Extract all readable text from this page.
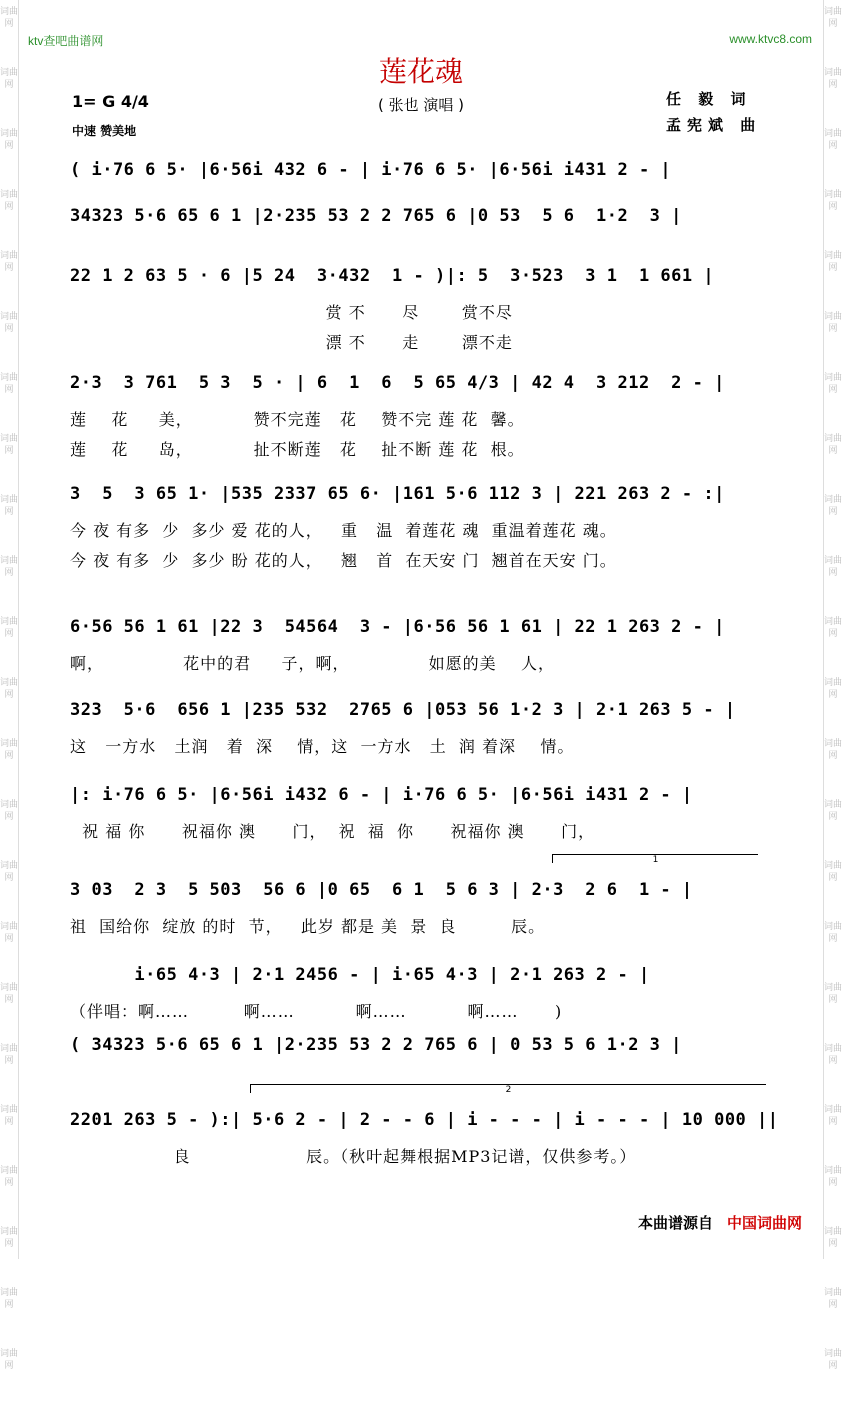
词曲网
词曲网
词曲网
词曲网
词曲网
词曲网
词曲网
词曲网
词曲网
词曲网
词曲网
词曲网
词曲网
词曲网
词曲网
词曲网
词曲网
词曲网
词曲网
词曲网
词曲网
词曲网
词曲网
词曲网
词曲网
词曲网
词曲网
词曲网
词曲网
词曲网
词曲网
词曲网
词曲网
词曲网
词曲网
词曲网
词曲网
词曲网
词曲网
词曲网
词曲网
词曲网
词曲网
词曲网
词曲网
词曲网
ktv查吧曲谱网	www.ktvc8.com
莲花魂
( 张也 演唱 )
1= G 4/4
中速 赞美地
任 毅 词
孟宪斌 曲
( i·76 6 5· |6·56i 432 6 - | i·76 6 5· |6·56i i431 2 - |
34323 5·6 65 6 1 |2·235 53 2 2 765 6 |0 53  5 6  1·2  3 |
22 1 2 63 5 · 6 |5 24  3·432  1 - )|: 5  3·523  3 1  1 661 |
赏 不      尽       赏不尽
漂 不      走       漂不走
2·3  3 761  5 3  5 · | 6  1  6  5 65 4/3 | 42 4  3 212  2 - |
莲    花     美，          赞不完莲   花    赞不完 莲 花  馨。
莲    花     岛，          扯不断莲   花    扯不断 莲 花  根。
3  5  3 65 1· |535 2337 65 6· |161 5·6 112 3 | 221 263 2 - :|
今 夜 有多  少  多少 爱 花的人，   重   温  着莲花 魂  重温着莲花 魂。
今 夜 有多  少  多少 盼 花的人，   翘   首  在天安 门  翘首在天安 门。
6·56 56 1 61 |22 3  54564  3 - |6·56 56 1 61 | 22 1 263 2 - |
啊，             花中的君     子，啊，             如愿的美    人，
323  5·6  656 1 |235 532  2765 6 |053 56 1·2 3 | 2·1 263 5 - |
这   一方水   土润   着  深    情，这  一方水   土  润 着深    情。
|: i·76 6 5· |6·56i i432 6 - | i·76 6 5· |6·56i i431 2 - |
祝 福 你      祝福你 澳      门，  祝  福  你      祝福你 澳      门，
3 03  2 3  5 503  56 6 |0 65  6 1  5 6 3 | 2·3  2 6  1 - |
祖  国给你  绽放 的时  节，   此岁 都是 美  景  良         辰。
i·65 4·3 | 2·1 2456 - | i·65 4·3 | 2·1 263 2 - |
（伴唱：啊……         啊……          啊……          啊……      )
( 34323 5·6 65 6 1 |2·235 53 2 2 765 6 | 0 53 5 6 1·2 3 |
2201 263 5 - ):| 5·6 2 - | 2 - - 6 | i - - - | i - - - | 10 000 ||
良                   辰。（秋叶起舞根据MP3记谱，仅供参考。）
1
2
本曲谱源自 中国词曲网
